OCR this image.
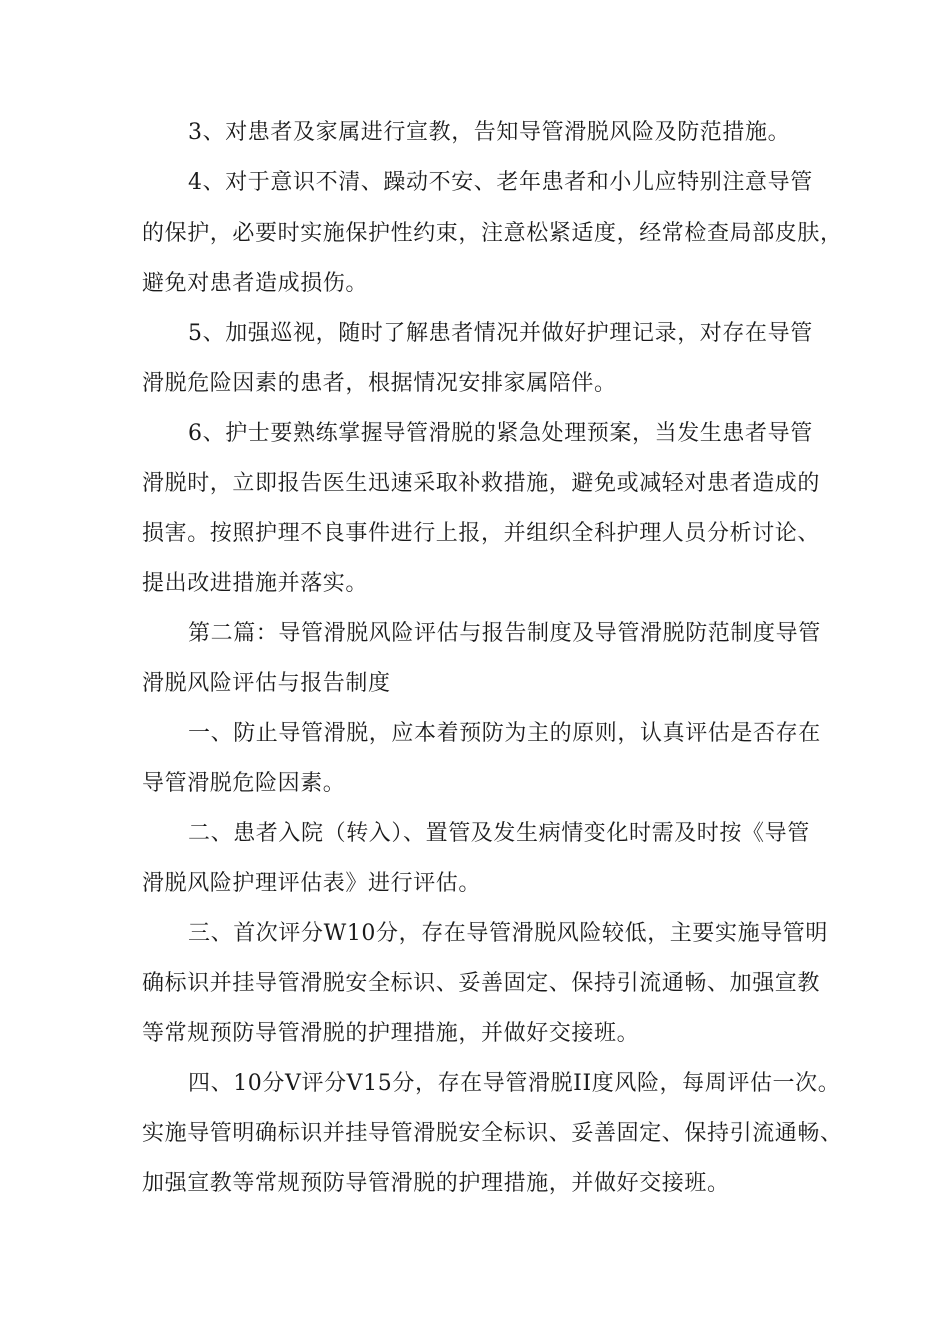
3、对患者及家属进行宣教，告知导管滑脱风险及防范措施。
4、对于意识不清、躁动不安、老年患者和小儿应特别注意导管
的保护，必要时实施保护性约束，注意松紧适度，经常检查局部皮肤，
避免对患者造成损伤。
5、加强巡视，随时了解患者情况并做好护理记录，对存在导管
滑脱危险因素的患者，根据情况安排家属陪伴。
6、护士要熟练掌握导管滑脱的紧急处理预案，当发生患者导管
滑脱时，立即报告医生迅速采取补救措施，避免或减轻对患者造成的
损害。按照护理不良事件进行上报，并组织全科护理人员分析讨论、
提出改进措施并落实。
第二篇：导管滑脱风险评估与报告制度及导管滑脱防范制度导管
滑脱风险评估与报告制度
一、防止导管滑脱，应本着预防为主的原则，认真评估是否存在
导管滑脱危险因素。
二、患者入院（转入）、置管及发生病情变化时需及时按《导管
滑脱风险护理评估表》进行评估。
三、首次评分W10分，存在导管滑脱风险较低，主要实施导管明
确标识并挂导管滑脱安全标识、妥善固定、保持引流通畅、加强宣教
等常规预防导管滑脱的护理措施，并做好交接班。
四、10分V评分V15分，存在导管滑脱II度风险，每周评估一次。
实施导管明确标识并挂导管滑脱安全标识、妥善固定、保持引流通畅、
加强宣教等常规预防导管滑脱的护理措施，并做好交接班。
